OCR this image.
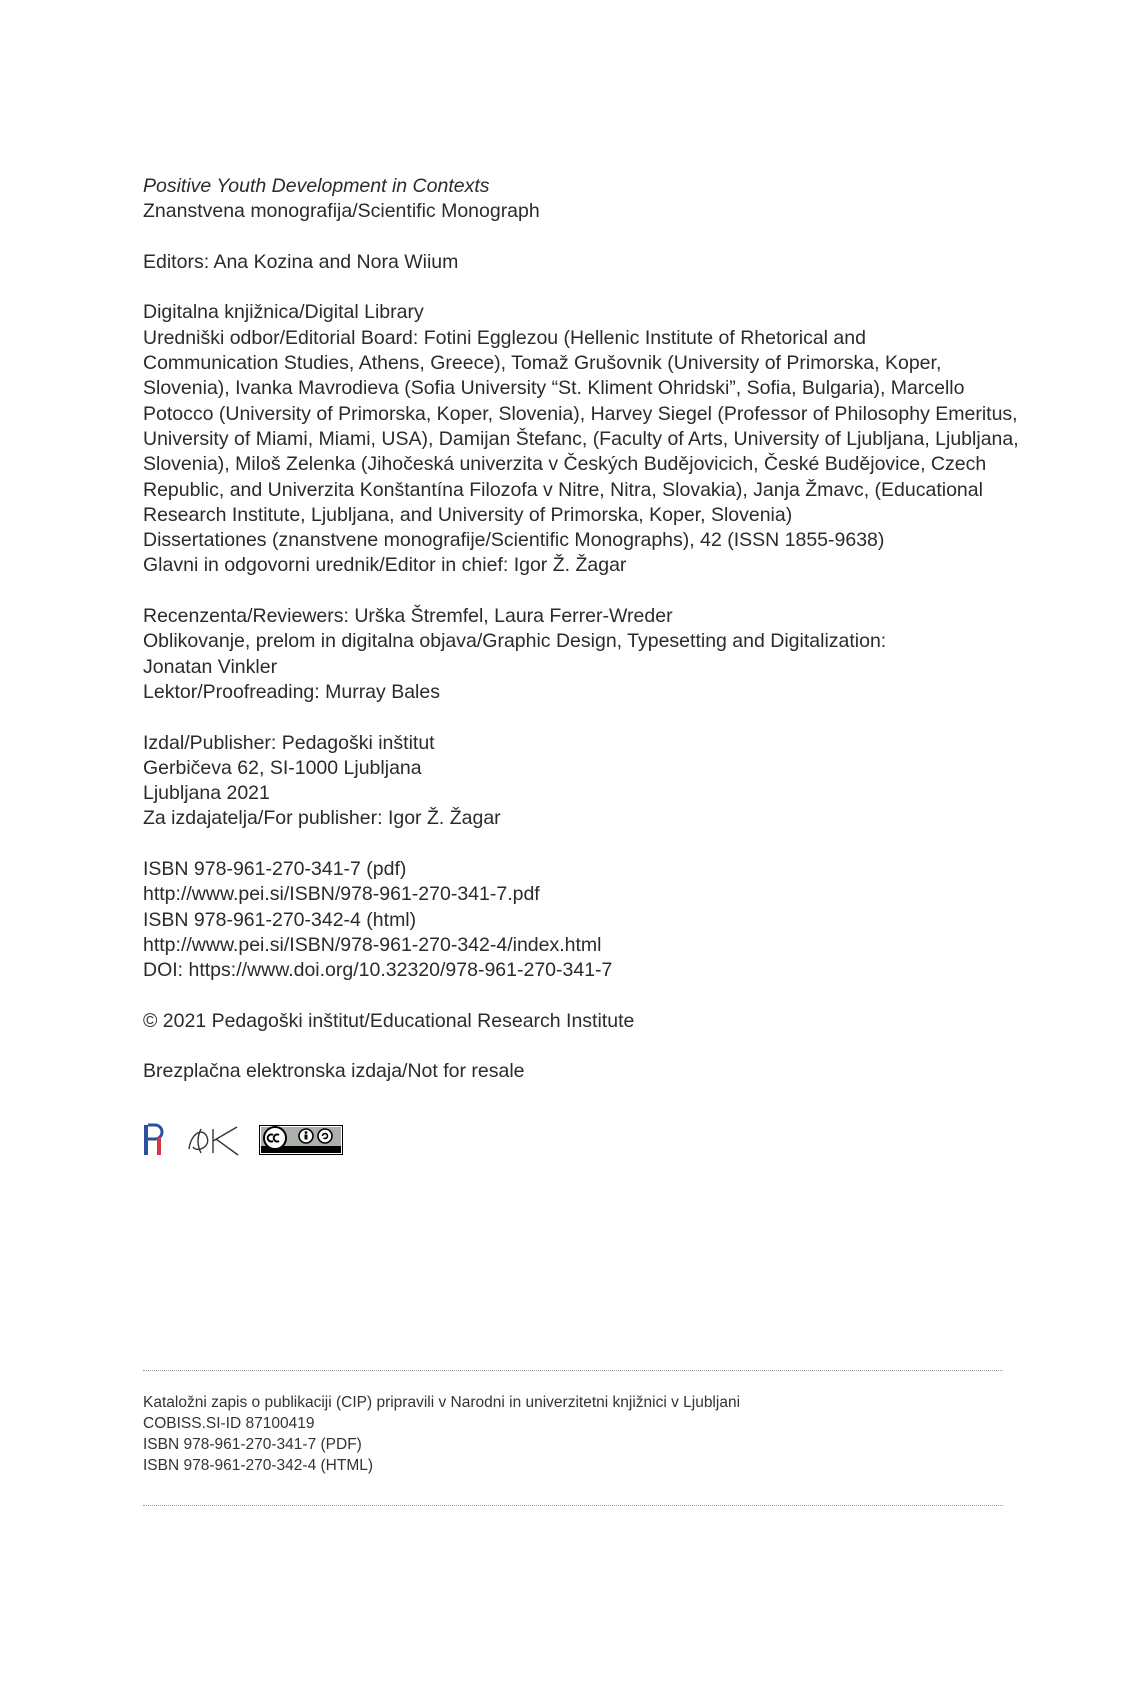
Positive Youth Development in Contexts
Znanstvena monografija/Scientific Monograph
Editors: Ana Kozina and Nora Wiium
Digitalna knjižnica/Digital Library
Uredniški odbor/Editorial Board: Fotini Egglezou (Hellenic Institute of Rhetorical and
Communication Studies, Athens, Greece), Tomaž Grušovnik (University of Primorska, Koper,
Slovenia), Ivanka Mavrodieva (Sofia University “St. Kliment Ohridski”, Sofia, Bulgaria), Marcello
Potocco (University of Primorska, Koper, Slovenia), Harvey Siegel (Professor of Philosophy Emeritus,
University of Miami, Miami, USA), Damijan Štefanc, (Faculty of Arts, University of Ljubljana, Ljubljana,
Slovenia), Miloš Zelenka (Jihočeská univerzita v Českých Budějovicich, České Budějovice, Czech
Republic, and Univerzita Konštantína Filozofa v Nitre, Nitra, Slovakia), Janja Žmavc, (Educational
Research Institute, Ljubljana, and University of Primorska, Koper, Slovenia)
Dissertationes (znanstvene monografije/Scientific Monographs), 42 (ISSN 1855-9638)
Glavni in odgovorni urednik/Editor in chief: Igor Ž. Žagar
Recenzenta/Reviewers: Urška Štremfel, Laura Ferrer-Wreder
Oblikovanje, prelom in digitalna objava/Graphic Design, Typesetting and Digitalization:
Jonatan Vinkler
Lektor/Proofreading: Murray Bales
Izdal/Publisher: Pedagoški inštitut
Gerbičeva 62, SI-1000 Ljubljana
Ljubljana 2021
Za izdajatelja/For publisher: Igor Ž. Žagar
ISBN 978-961-270-341-7 (pdf)
http://www.pei.si/ISBN/978-961-270-341-7.pdf
ISBN 978-961-270-342-4 (html)
http://www.pei.si/ISBN/978-961-270-342-4/index.html
DOI: https://www.doi.org/10.32320/978-961-270-341-7
© 2021 Pedagoški inštitut/Educational Research Institute
Brezplačna elektronska izdaja/Not for resale
Kataložni zapis o publikaciji (CIP) pripravili v Narodni in univerzitetni knjižnici v Ljubljani
COBISS.SI-ID 87100419
ISBN 978-961-270-341-7 (PDF)
ISBN 978-961-270-342-4 (HTML)
